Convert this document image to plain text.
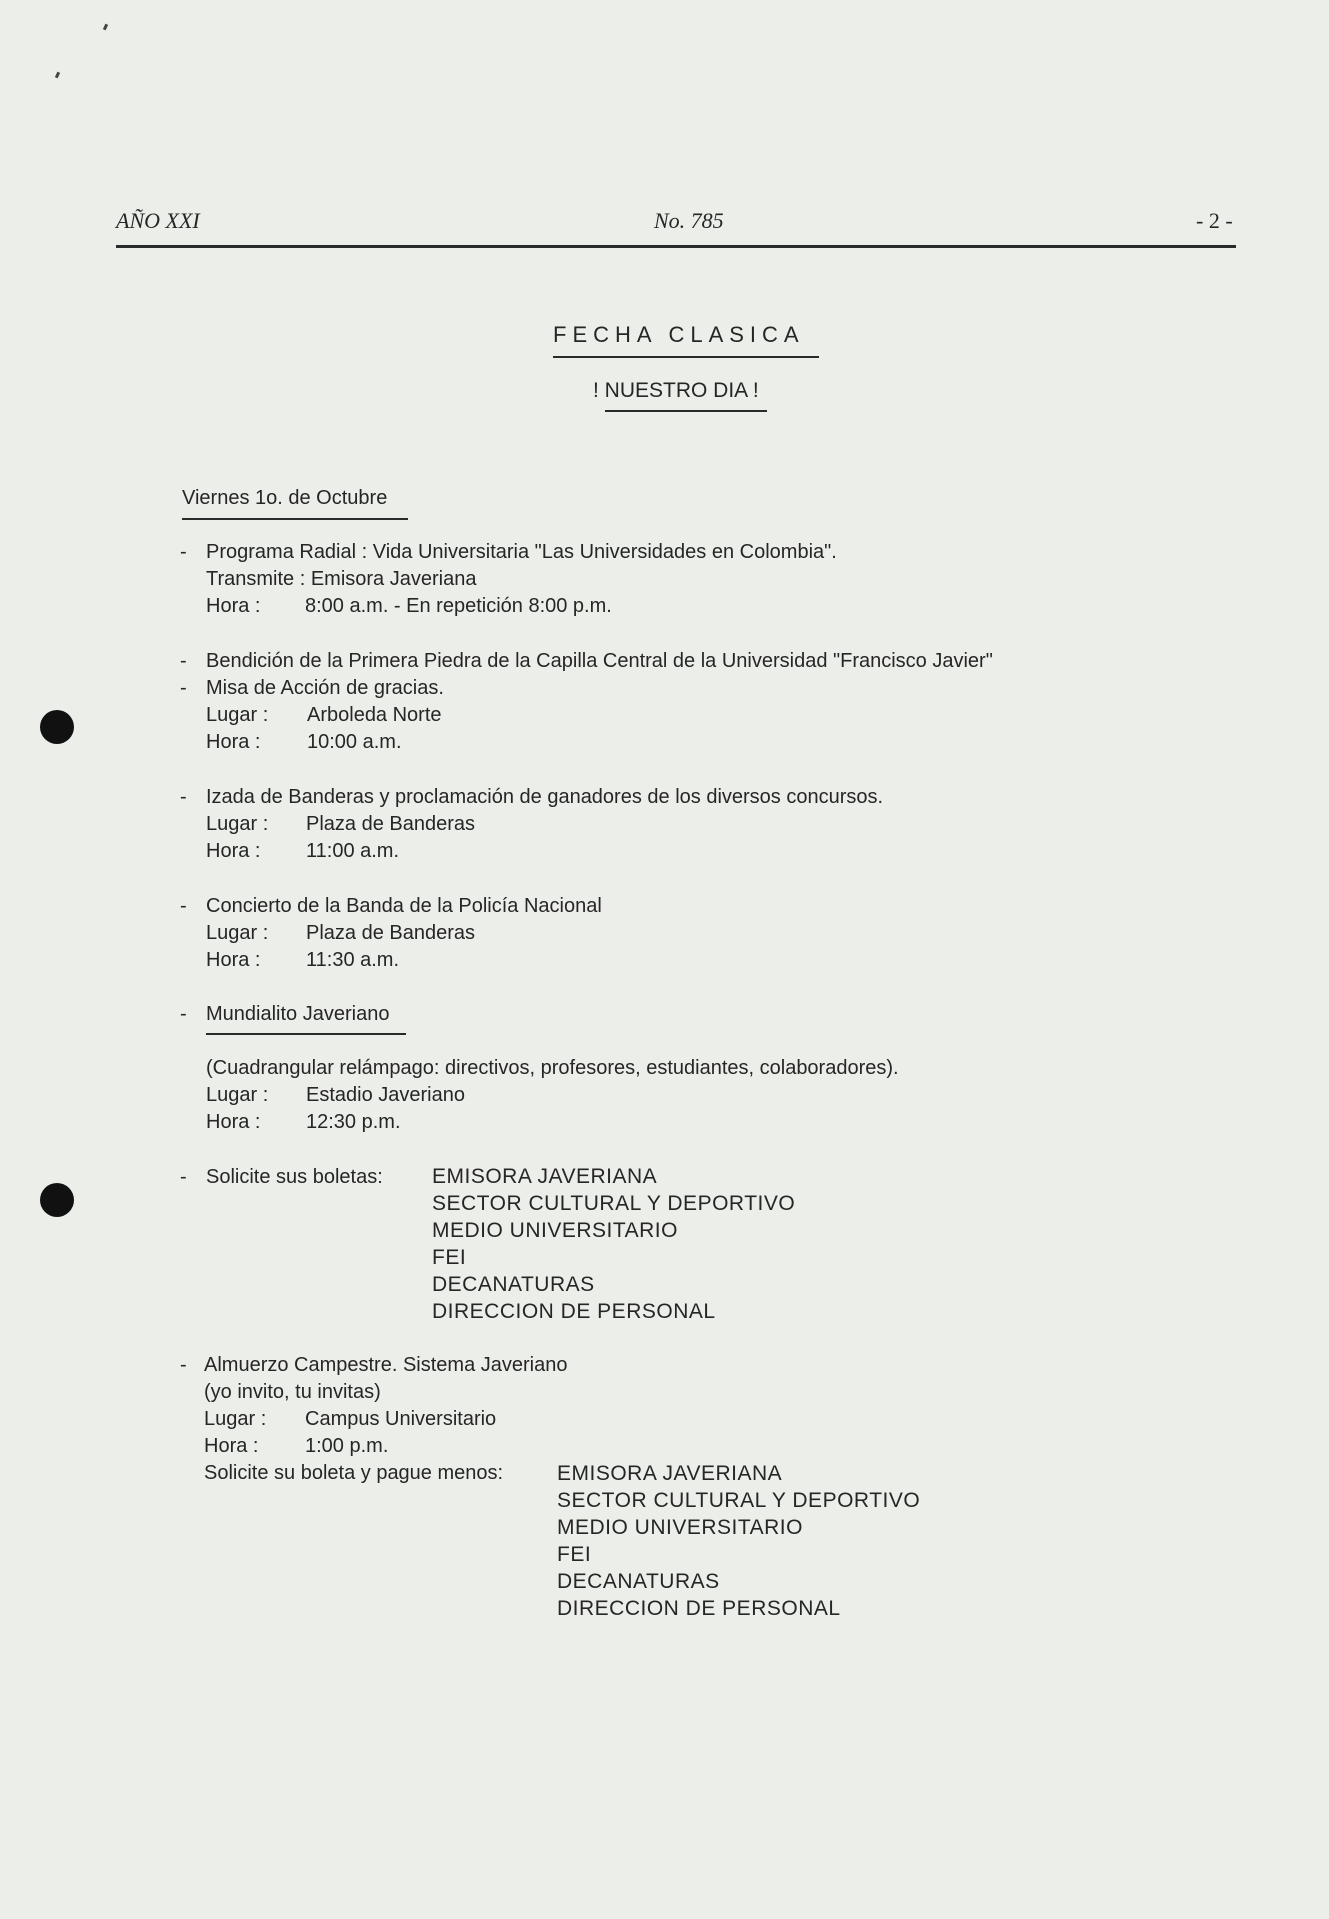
AÑO XXI	No. 785	- 2 -
FECHA CLASICA
! NUESTRO DIA !
Viernes 1o. de Octubre
- Programa Radial : Vida Universitaria "Las Universidades en Colombia".
Transmite : Emisora Javeriana
Hora : 8:00 a.m. - En repetición 8:00 p.m.
- Bendición de la Primera Piedra de la Capilla Central de la Universidad "Francisco Javier"
- Misa de Acción de gracias.
Lugar : Arboleda Norte
Hora : 10:00 a.m.
- Izada de Banderas y proclamación de ganadores de los diversos concursos.
Lugar : Plaza de Banderas
Hora : 11:00 a.m.
- Concierto de la Banda de la Policía Nacional
Lugar : Plaza de Banderas
Hora : 11:30 a.m.
- Mundialito Javeriano
(Cuadrangular relámpago: directivos, profesores, estudiantes, colaboradores).
Lugar : Estadio Javeriano
Hora : 12:30 p.m.
- Solicite sus boletas: EMISORA JAVERIANA
SECTOR CULTURAL Y DEPORTIVO
MEDIO UNIVERSITARIO
FEI
DECANATURAS
DIRECCION DE PERSONAL
- Almuerzo Campestre. Sistema Javeriano
(yo invito, tu invitas)
Lugar : Campus Universitario
Hora : 1:00 p.m.
Solicite su boleta y pague menos:	EMISORA JAVERIANA
SECTOR CULTURAL Y DEPORTIVO
MEDIO UNIVERSITARIO
FEI
DECANATURAS
DIRECCION DE PERSONAL
